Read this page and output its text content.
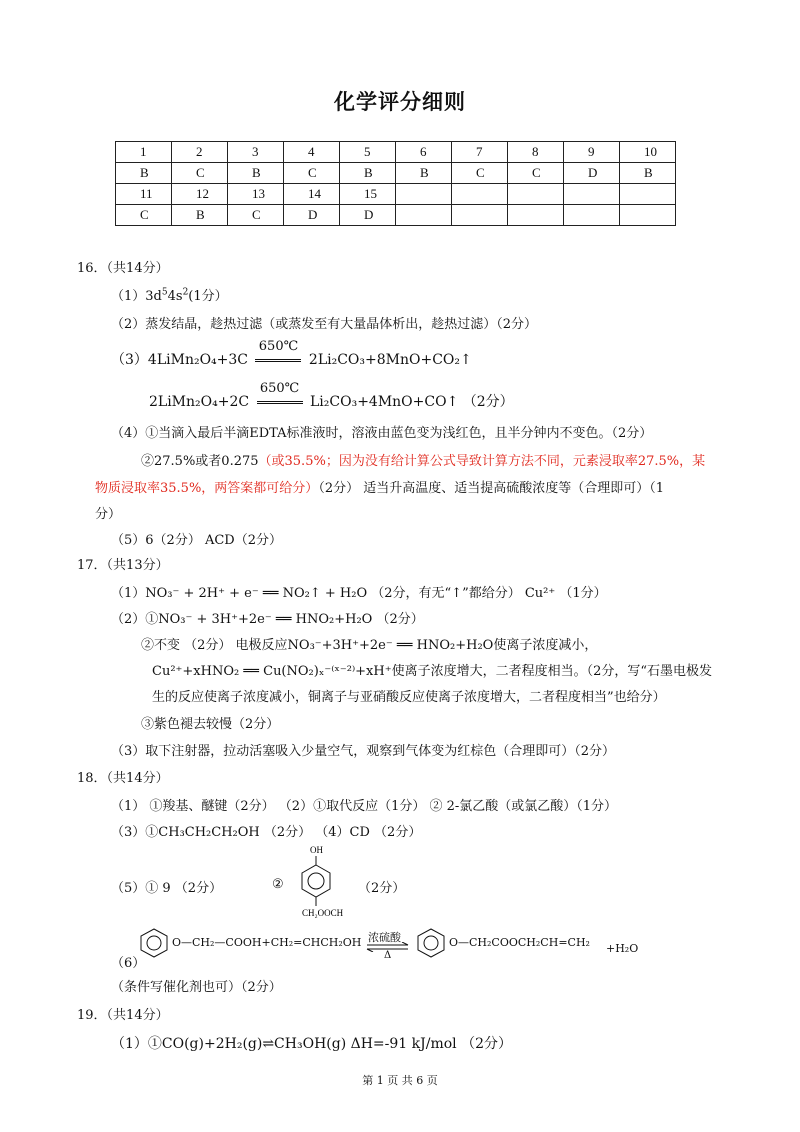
化学评分细则
1	2	3	4	5	6	7	8	9	10
B	C	B	C	B	B	C	C	D	B
11	12	13	14	15					
C	B	C	D	D					
16．（共14分）
$(1)3d^54s^2(1$分）
（2）蒸发结晶，趁热过滤（或蒸发至有大量晶体析出，趁热过滤）（2分）
（3）4LiMn₂O₄+3C
650℃
2Li₂CO₃+8MnO+CO₂↑
2LiMn₂O₄+2C
650℃
Li₂CO₃+4MnO+CO↑ （2分）
（4）①当滴入最后半滴EDTA标准液时，溶液由蓝色变为浅红色，且半分钟内不变色。（2分）
②27.5%或者0.275（或35.5%；因为没有给计算公式导致计算方法不同，元素浸取率27.5%，某
物质浸取率35.5%，两答案都可给分）（2分） 适当升高温度、适当提高硫酸浓度等（合理即可）（1
分）
（5）6（2分） ACD（2分）
17．（共13分）
（1）NO₃⁻ + 2H⁺ + e⁻ ══ NO₂↑ + H₂O （2分，有无“↑”都给分） Cu²⁺ （1分）
（2）①NO₃⁻ + 3H⁺+2e⁻ ══ HNO₂+H₂O （2分）
②不变 （2分） 电极反应NO₃⁻+3H⁺+2e⁻ ══ HNO₂+H₂O使离子浓度减小，
Cu²⁺+xHNO₂ ══ Cu(NO₂)ₓ⁻⁽ˣ⁻²⁾+xH⁺使离子浓度增大，二者程度相当。（2分，写“石墨电极发
生的反应使离子浓度减小，铜离子与亚硝酸反应使离子浓度增大，二者程度相当”也给分）
③紫色褪去较慢（2分）
（3）取下注射器，拉动活塞吸入少量空气，观察到气体变为红棕色（合理即可）（2分）
18．（共14分）
（1） ①羧基、醚键（2分） （2）①取代反应（1分） ② 2-氯乙酸（或氯乙酸）（1分）
（3）①CH₃CH₂CH₂OH （2分） （4）CD （2分）
（5）① 9 （2分）	②	（2分）
OH
CH₂OOCH
（6）
O—CH₂—COOH+CH₂=CHCH₂OH 浓硫酸
Δ
O—CH₂COOCH₂CH=CH₂ +H₂O
（条件写催化剂也可）（2分）
19．（共14分）
（1）①CO(g)+2H₂(g)⇌CH₃OH(g) ΔH=-91 kJ/mol （2分）
第 1 页 共 6 页
